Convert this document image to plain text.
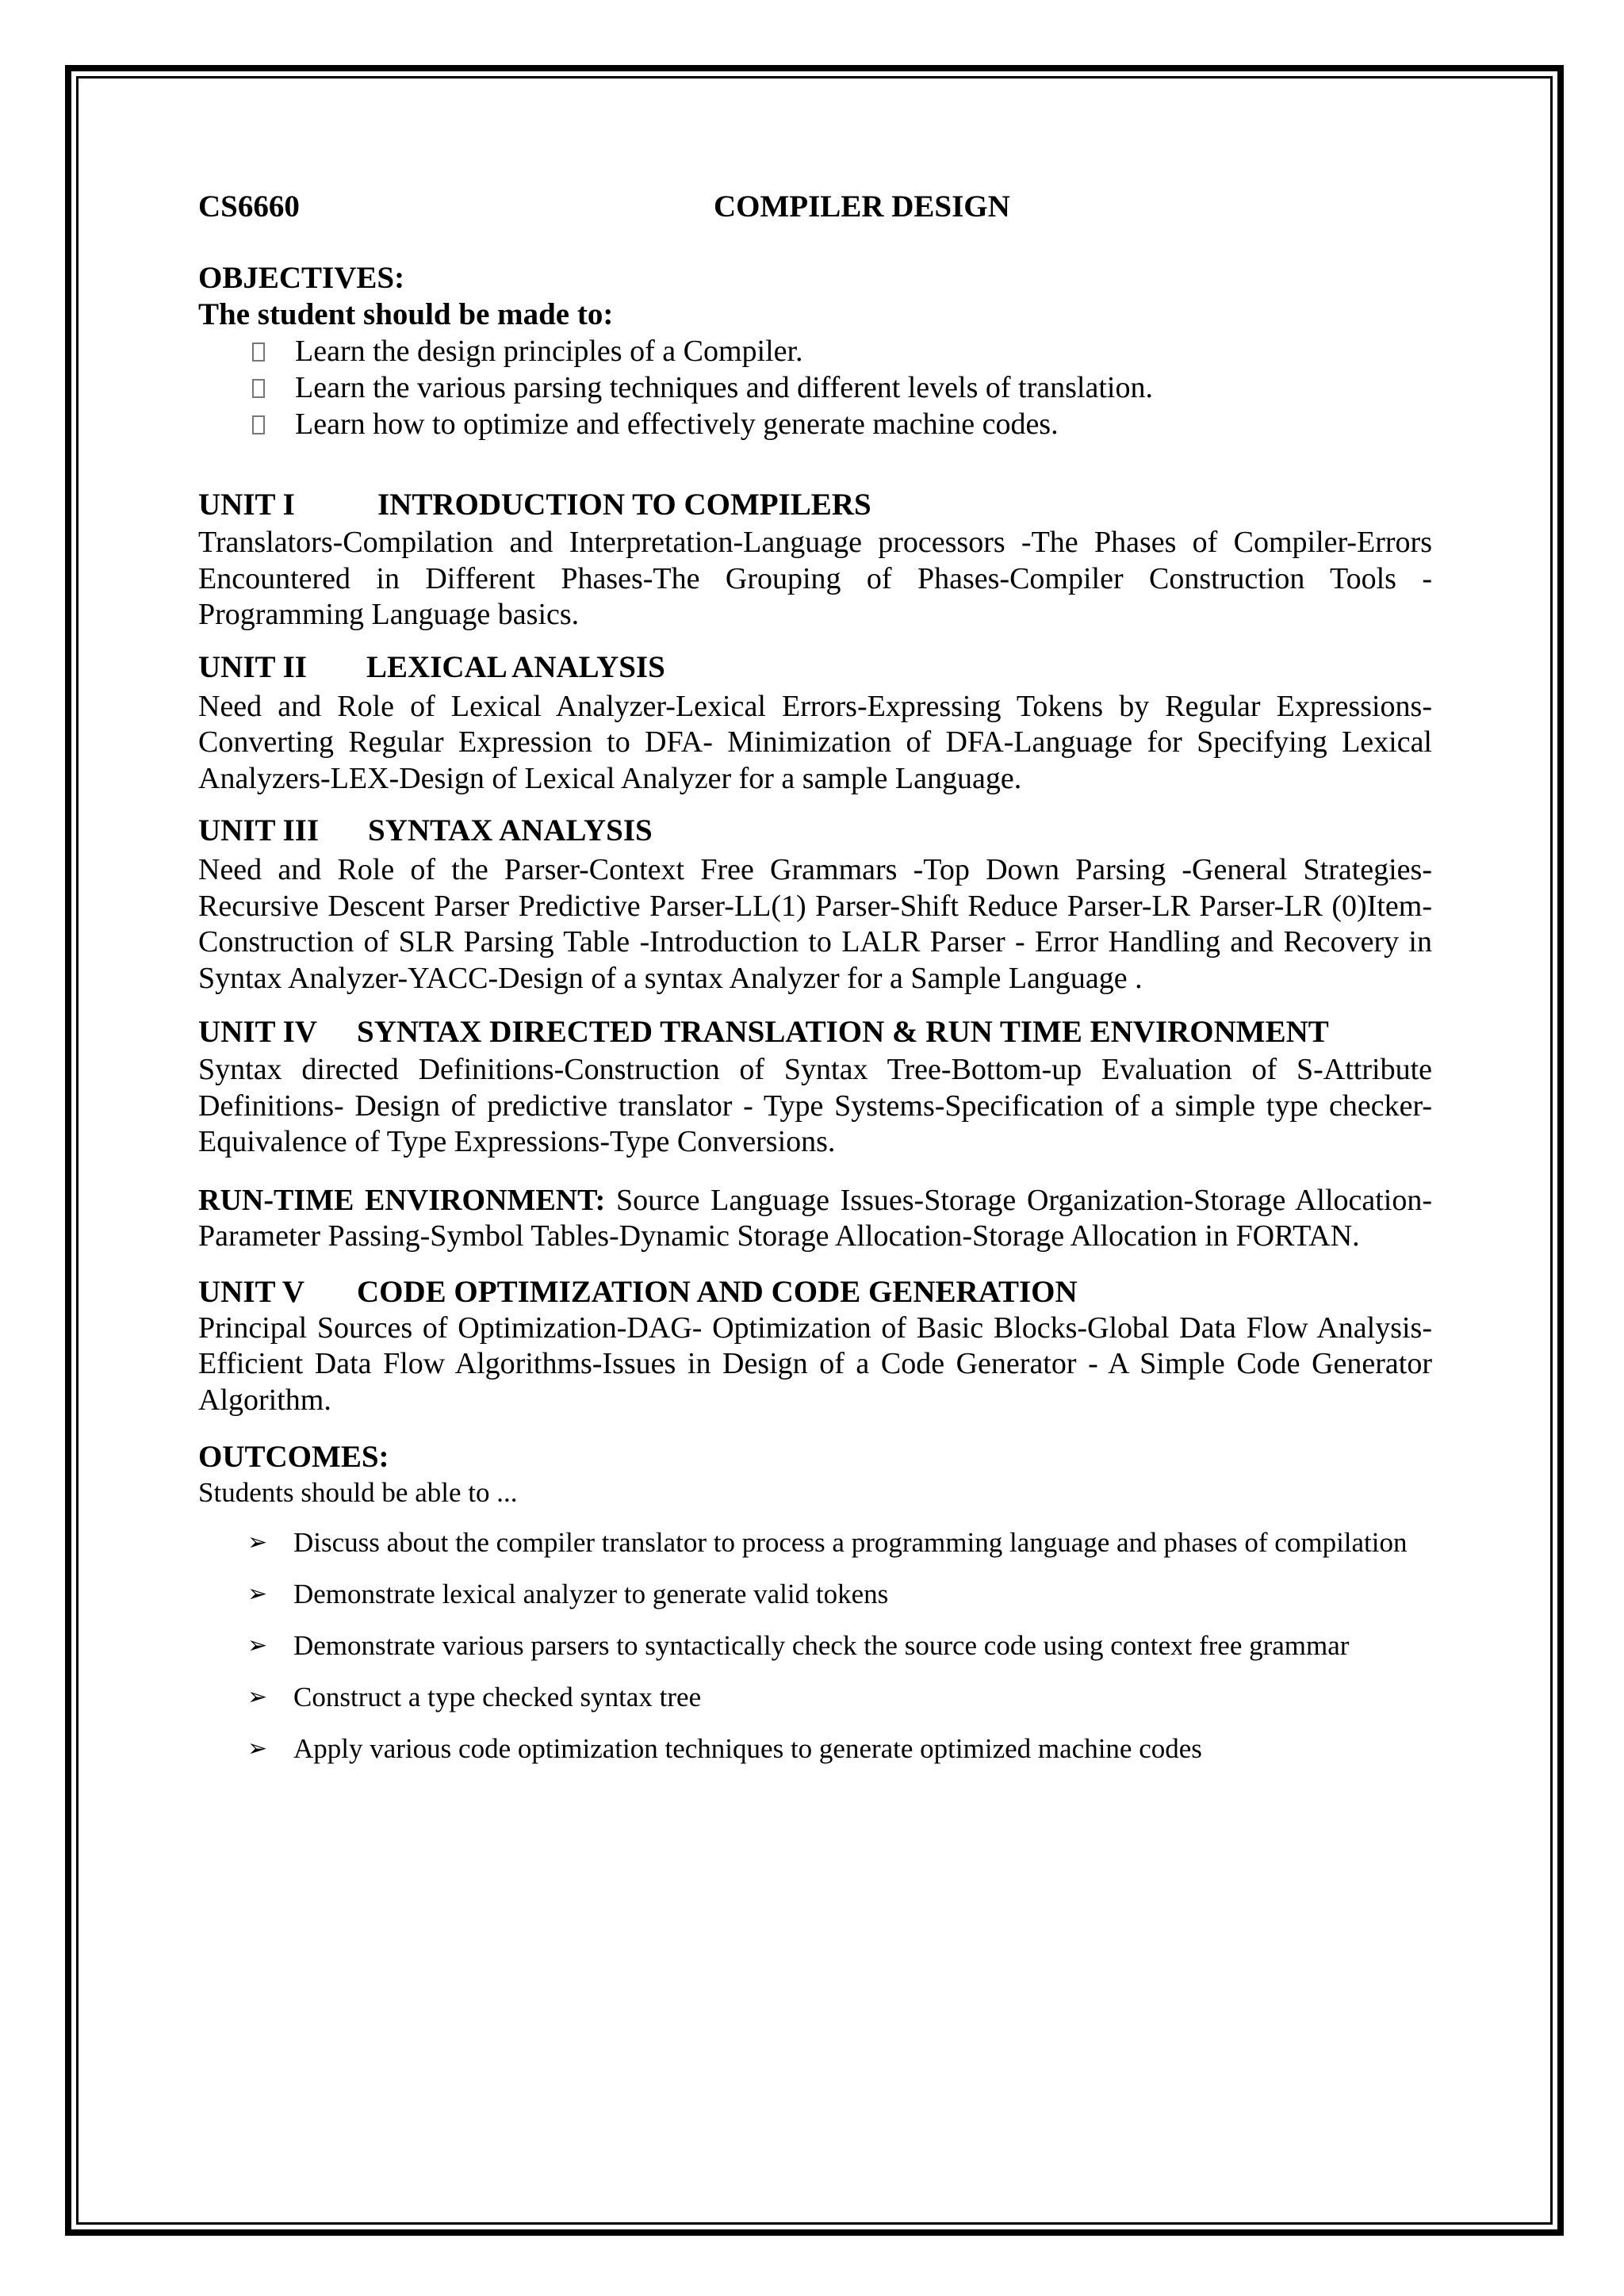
CS6660	COMPILER DESIGN
OBJECTIVES:
The student should be made to:
Learn the design principles of a Compiler.
Learn the various parsing techniques and different levels of translation.
Learn how to optimize and effectively generate machine codes.
UNIT I	INTRODUCTION TO COMPILERS

Translators-Compilation and Interpretation-Language processors -The Phases of Compiler-Errors Encountered in Different Phases-The Grouping of Phases-Compiler Construction Tools - Programming Language basics.

UNIT II LEXICAL ANALYSIS

Need and Role of Lexical Analyzer-Lexical Errors-Expressing Tokens by Regular Expressions-Converting Regular Expression to DFA- Minimization of DFA-Language for Specifying Lexical Analyzers-LEX-Design of Lexical Analyzer for a sample Language.

UNIT III SYNTAX ANALYSIS

Need and Role of the Parser-Context Free Grammars -Top Down Parsing -General Strategies-Recursive Descent Parser Predictive Parser-LL(1) Parser-Shift Reduce Parser-LR Parser-LR (0)Item-Construction of SLR Parsing Table -Introduction to LALR Parser - Error Handling and Recovery in Syntax Analyzer-YACC-Design of a syntax Analyzer for a Sample Language .

UNIT IV SYNTAX DIRECTED TRANSLATION & RUN TIME ENVIRONMENT

Syntax directed Definitions-Construction of Syntax Tree-Bottom-up Evaluation of S-Attribute Definitions- Design of predictive translator - Type Systems-Specification of a simple type checker-Equivalence of Type Expressions-Type Conversions.

RUN-TIME ENVIRONMENT: Source Language Issues-Storage Organization-Storage Allocation-Parameter Passing-Symbol Tables-Dynamic Storage Allocation-Storage Allocation in FORTAN.

UNIT V CODE OPTIMIZATION AND CODE GENERATION

Principal Sources of Optimization-DAG- Optimization of Basic Blocks-Global Data Flow Analysis-Efficient Data Flow Algorithms-Issues in Design of a Code Generator - A Simple Code Generator Algorithm.

OUTCOMES:
Students should be able to ...
➢ Discuss about the compiler translator to process a programming language and phases of compilation
➢ Demonstrate lexical analyzer to generate valid tokens
➢ Demonstrate various parsers to syntactically check the source code using context free grammar
➢ Construct a type checked syntax tree
➢ Apply various code optimization techniques to generate optimized machine codes
